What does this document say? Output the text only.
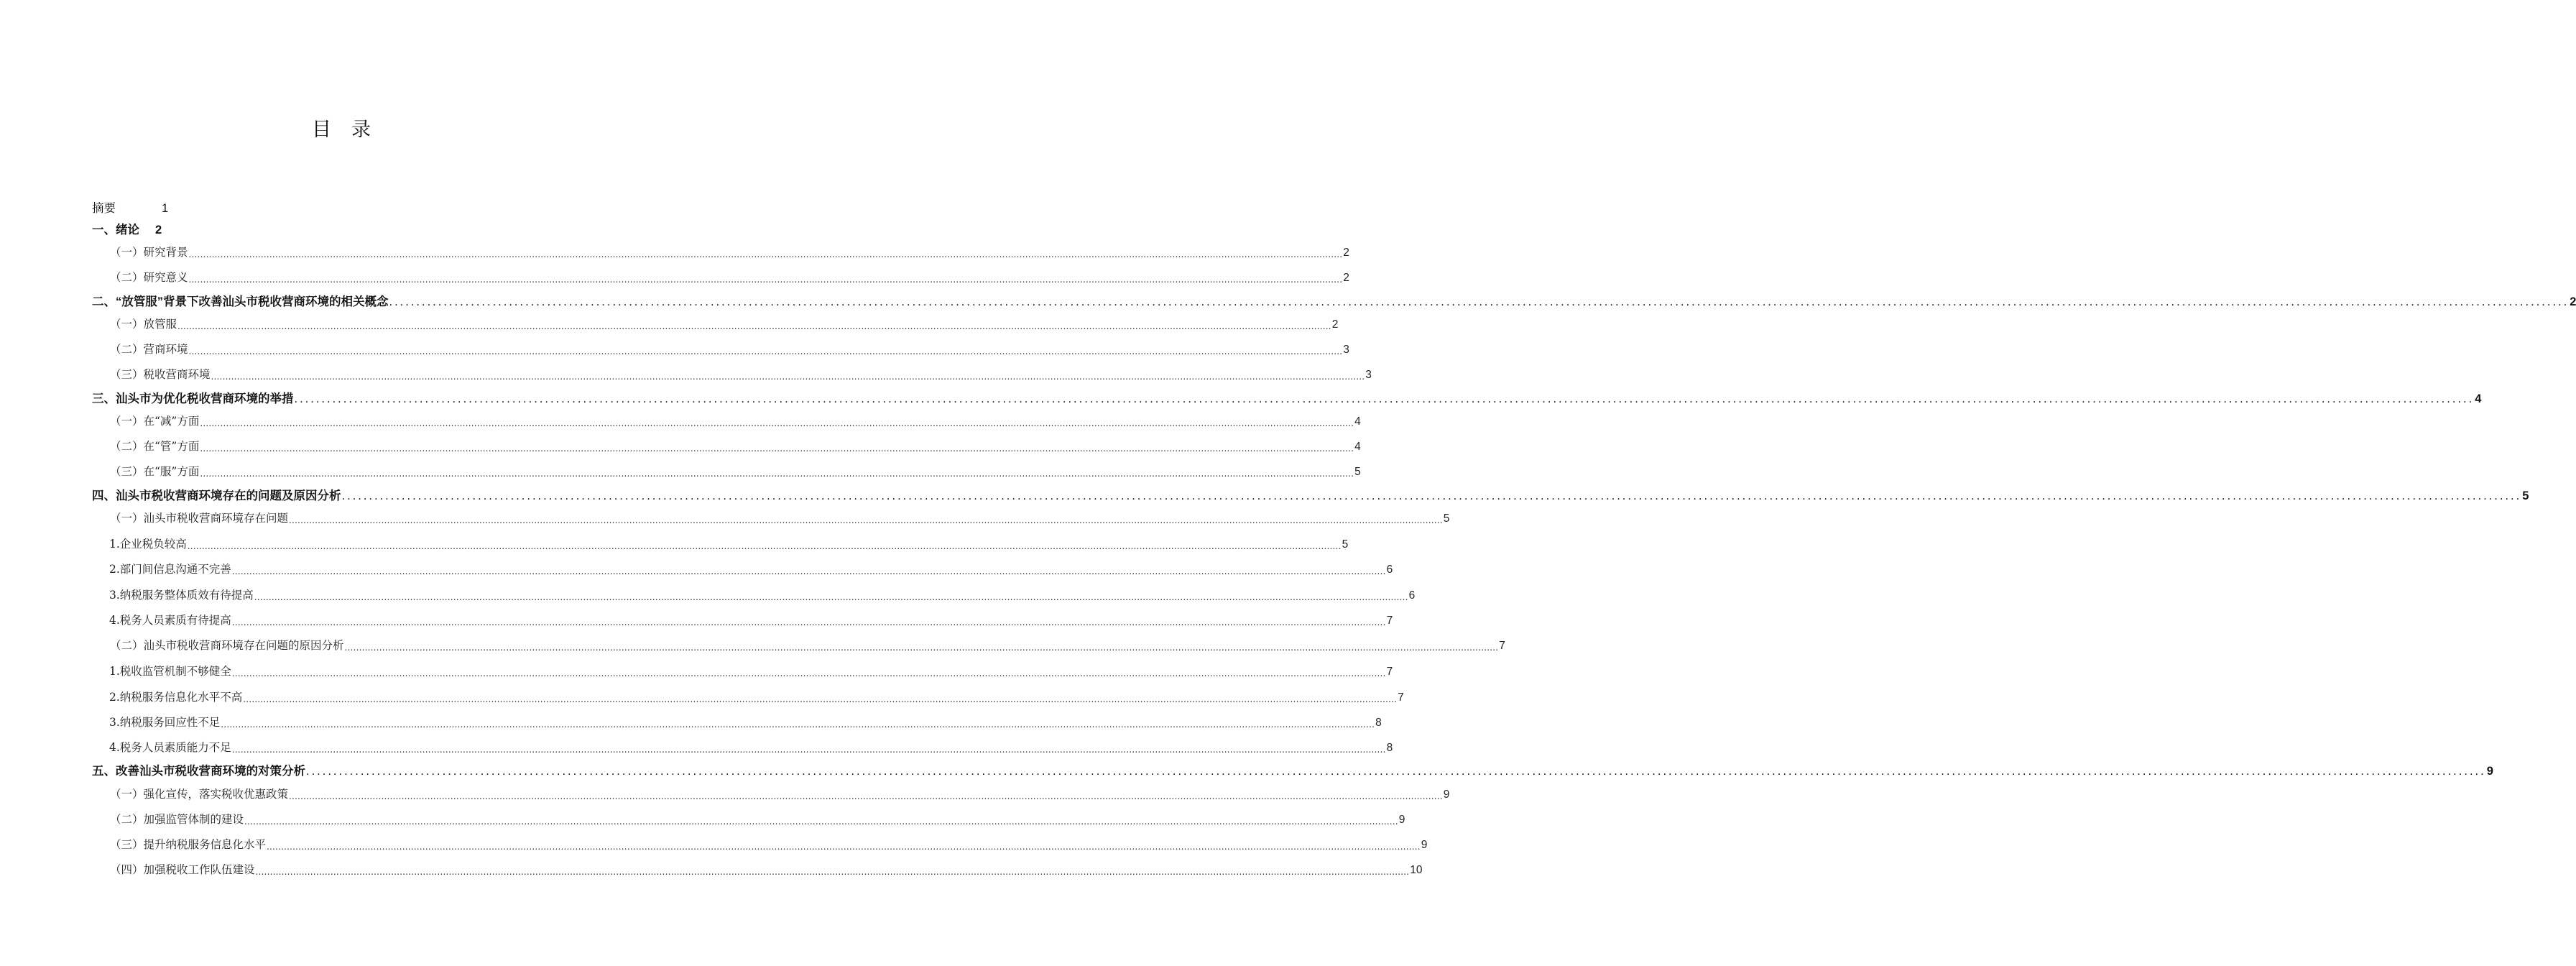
目 录
摘要	1
一、绪论 2
（一）研究背景 ................................................................................................................................................................................................................................................................................................................................................................................................................ 2
（二）研究意义 ................................................................................................................................................................................................................................................................................................................................................................................................................ 2
二、“放管服”背景下改善汕头市税收营商环境的相关概念 ................................................................................................................................................................................................................................................................................................................................................................................................................ 2
（一）放管服 ................................................................................................................................................................................................................................................................................................................................................................................................................ 2
（二）营商环境 ................................................................................................................................................................................................................................................................................................................................................................................................................ 3
（三）税收营商环境 ................................................................................................................................................................................................................................................................................................................................................................................................................ 3
三、汕头市为优化税收营商环境的举措 ................................................................................................................................................................................................................................................................................................................................................................................................................ 4
（一）在“减”方面 ................................................................................................................................................................................................................................................................................................................................................................................................................ 4
（二）在“管”方面 ................................................................................................................................................................................................................................................................................................................................................................................................................ 4
（三）在“服”方面 ................................................................................................................................................................................................................................................................................................................................................................................................................ 5
四、汕头市税收营商环境存在的问题及原因分析 ................................................................................................................................................................................................................................................................................................................................................................................................................ 5
（一）汕头市税收营商环境存在问题 ................................................................................................................................................................................................................................................................................................................................................................................................................ 5
1.企业税负较高 ................................................................................................................................................................................................................................................................................................................................................................................................................ 5
2.部门间信息沟通不完善 ................................................................................................................................................................................................................................................................................................................................................................................................................ 6
3.纳税服务整体质效有待提高 ................................................................................................................................................................................................................................................................................................................................................................................................................ 6
4.税务人员素质有待提高 ................................................................................................................................................................................................................................................................................................................................................................................................................ 7
（二）汕头市税收营商环境存在问题的原因分析 ................................................................................................................................................................................................................................................................................................................................................................................................................ 7
1.税收监管机制不够健全 ................................................................................................................................................................................................................................................................................................................................................................................................................ 7
2.纳税服务信息化水平不高 ................................................................................................................................................................................................................................................................................................................................................................................................................ 7
3.纳税服务回应性不足 ................................................................................................................................................................................................................................................................................................................................................................................................................ 8
4.税务人员素质能力不足 ................................................................................................................................................................................................................................................................................................................................................................................................................ 8
五、改善汕头市税收营商环境的对策分析 ................................................................................................................................................................................................................................................................................................................................................................................................................ 9
（一）强化宣传，落实税收优惠政策 ................................................................................................................................................................................................................................................................................................................................................................................................................ 9
（二）加强监管体制的建设 ................................................................................................................................................................................................................................................................................................................................................................................................................ 9
（三）提升纳税服务信息化水平 ................................................................................................................................................................................................................................................................................................................................................................................................................ 9
（四）加强税收工作队伍建设 ................................................................................................................................................................................................................................................................................................................................................................................................................ 10
